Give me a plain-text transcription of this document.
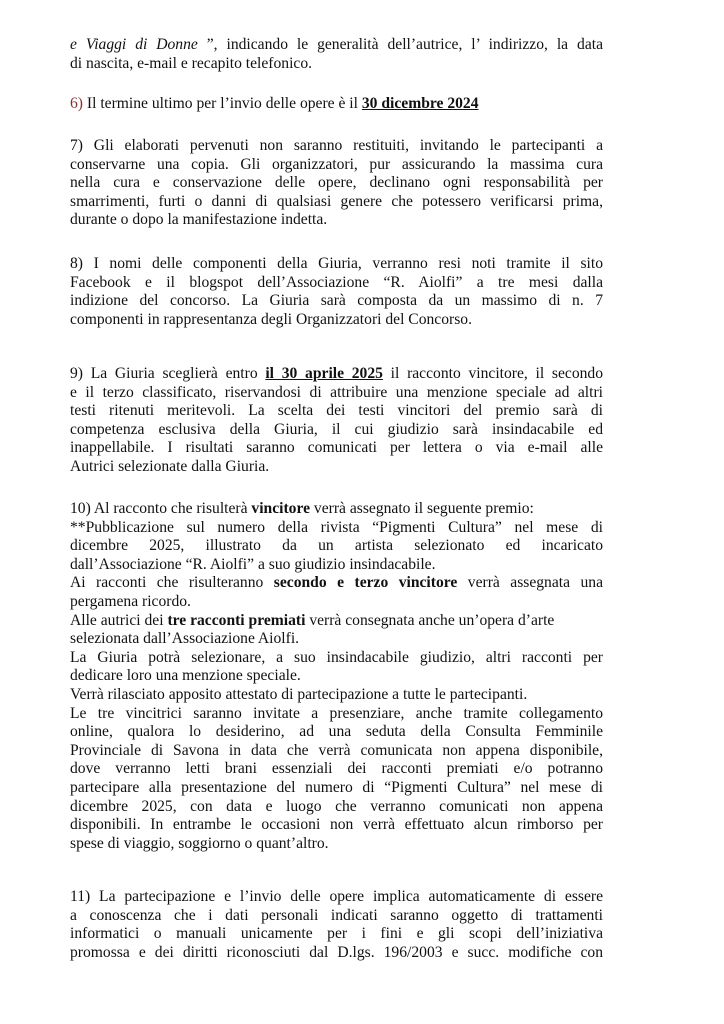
e Viaggi di Donne ”, indicando le generalità dell’autrice, l’ indirizzo, la data
di nascita, e-mail e recapito telefonico.
6) Il termine ultimo per l’invio delle opere è il 30 dicembre 2024
7) Gli elaborati pervenuti non saranno restituiti, invitando le partecipanti a
conservarne una copia. Gli organizzatori, pur assicurando la massima cura
nella cura e conservazione delle opere, declinano ogni responsabilità per
smarrimenti, furti o danni di qualsiasi genere che potessero verificarsi prima,
durante o dopo la manifestazione indetta.
8) I nomi delle componenti della Giuria, verranno resi noti tramite il sito
Facebook e il blogspot dell’Associazione “R. Aiolfi” a tre mesi dalla
indizione del concorso. La Giuria sarà composta da un massimo di n. 7
componenti in rappresentanza degli Organizzatori del Concorso.
9) La Giuria sceglierà entro il 30 aprile 2025 il racconto vincitore, il secondo
e il terzo classificato, riservandosi di attribuire una menzione speciale ad altri
testi ritenuti meritevoli. La scelta dei testi vincitori del premio sarà di
competenza esclusiva della Giuria, il cui giudizio sarà insindacabile ed
inappellabile. I risultati saranno comunicati per lettera o via e-mail alle
Autrici selezionate dalla Giuria.
10) Al racconto che risulterà vincitore verrà assegnato il seguente premio:
**Pubblicazione sul numero della rivista “Pigmenti Cultura” nel mese di
dicembre 2025, illustrato da un artista selezionato ed incaricato
dall’Associazione “R. Aiolfi” a suo giudizio insindacabile.
Ai racconti che risulteranno secondo e terzo vincitore verrà assegnata una
pergamena ricordo.
Alle autrici dei tre racconti premiati verrà consegnata anche un’opera d’arte
selezionata dall’Associazione Aiolfi.
La Giuria potrà selezionare, a suo insindacabile giudizio, altri racconti per
dedicare loro una menzione speciale.
Verrà rilasciato apposito attestato di partecipazione a tutte le partecipanti.
Le tre vincitrici saranno invitate a presenziare, anche tramite collegamento
online, qualora lo desiderino, ad una seduta della Consulta Femminile
Provinciale di Savona in data che verrà comunicata non appena disponibile,
dove verranno letti brani essenziali dei racconti premiati e/o potranno
partecipare alla presentazione del numero di “Pigmenti Cultura” nel mese di
dicembre 2025, con data e luogo che verranno comunicati non appena
disponibili. In entrambe le occasioni non verrà effettuato alcun rimborso per
spese di viaggio, soggiorno o quant’altro.
11) La partecipazione e l’invio delle opere implica automaticamente di essere
a conoscenza che i dati personali indicati saranno oggetto di trattamenti
informatici o manuali unicamente per i fini e gli scopi dell’iniziativa
promossa e dei diritti riconosciuti dal D.lgs. 196/2003 e succ. modifiche con
